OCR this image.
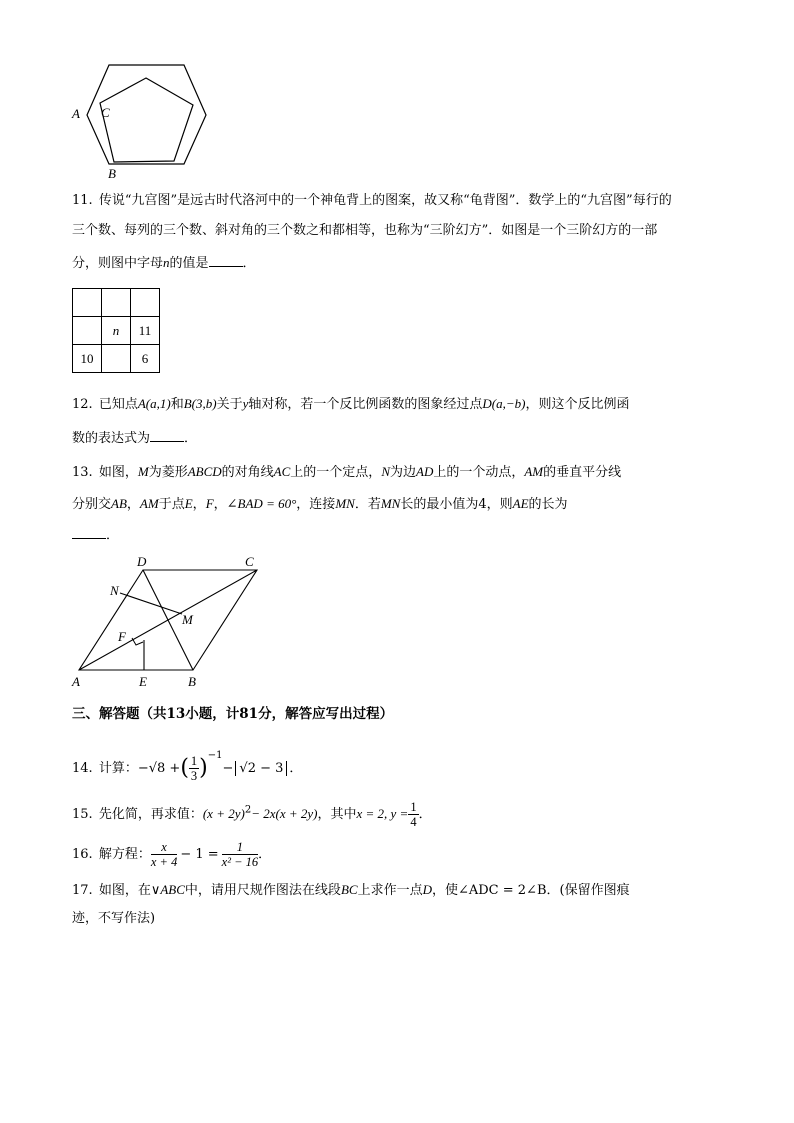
A C
B
11. 传说“九宫图”是远古时代洛河中的一个神龟背上的图案，故又称“龟背图”．数学上的“九宫图”每行的
三个数、每列的三个数、斜对角的三个数之和都相等，也称为“三阶幻方”．如图是一个三阶幻方的一部
分，则图中字母n的值是	．

	n	11
10		6
12. 已知点A(a,1)和B(3,b)关于y轴对称，若一个反比例函数的图象经过点D(a,−b)，则这个反比例函
数的表达式为	．
13. 如图，M为菱形ABCD的对角线AC上的一个定点，N为边AD上的一个动点，AM的垂直平分线
分别交AB，AM于点E，F，∠BAD = 60°，连接MN．若MN长的最小值为4，则AE的长为
．
D	C
N
M
F
A	E	B
三、解答题（共13小题，计81分，解答应写出过程）
14. 计算：−√8 +( $\frac{1}{3} )^{-1}- √2 - 3$ ．
15. 先化简，再求值：$(x + 2y)^2- 2x(x + 2y)$，其中x = 2, $y = \frac{1}{4}$ ．
16. 解方程： $\frac{x}{x + 4} - 1 = \frac{1}{\text{x² − 16}}$ ．
17. 如图，在∨ABC中，请用尺规作图法在线段BC上求作一点D，使∠ADC = 2∠B．(保留作图痕
迹，不写作法)
